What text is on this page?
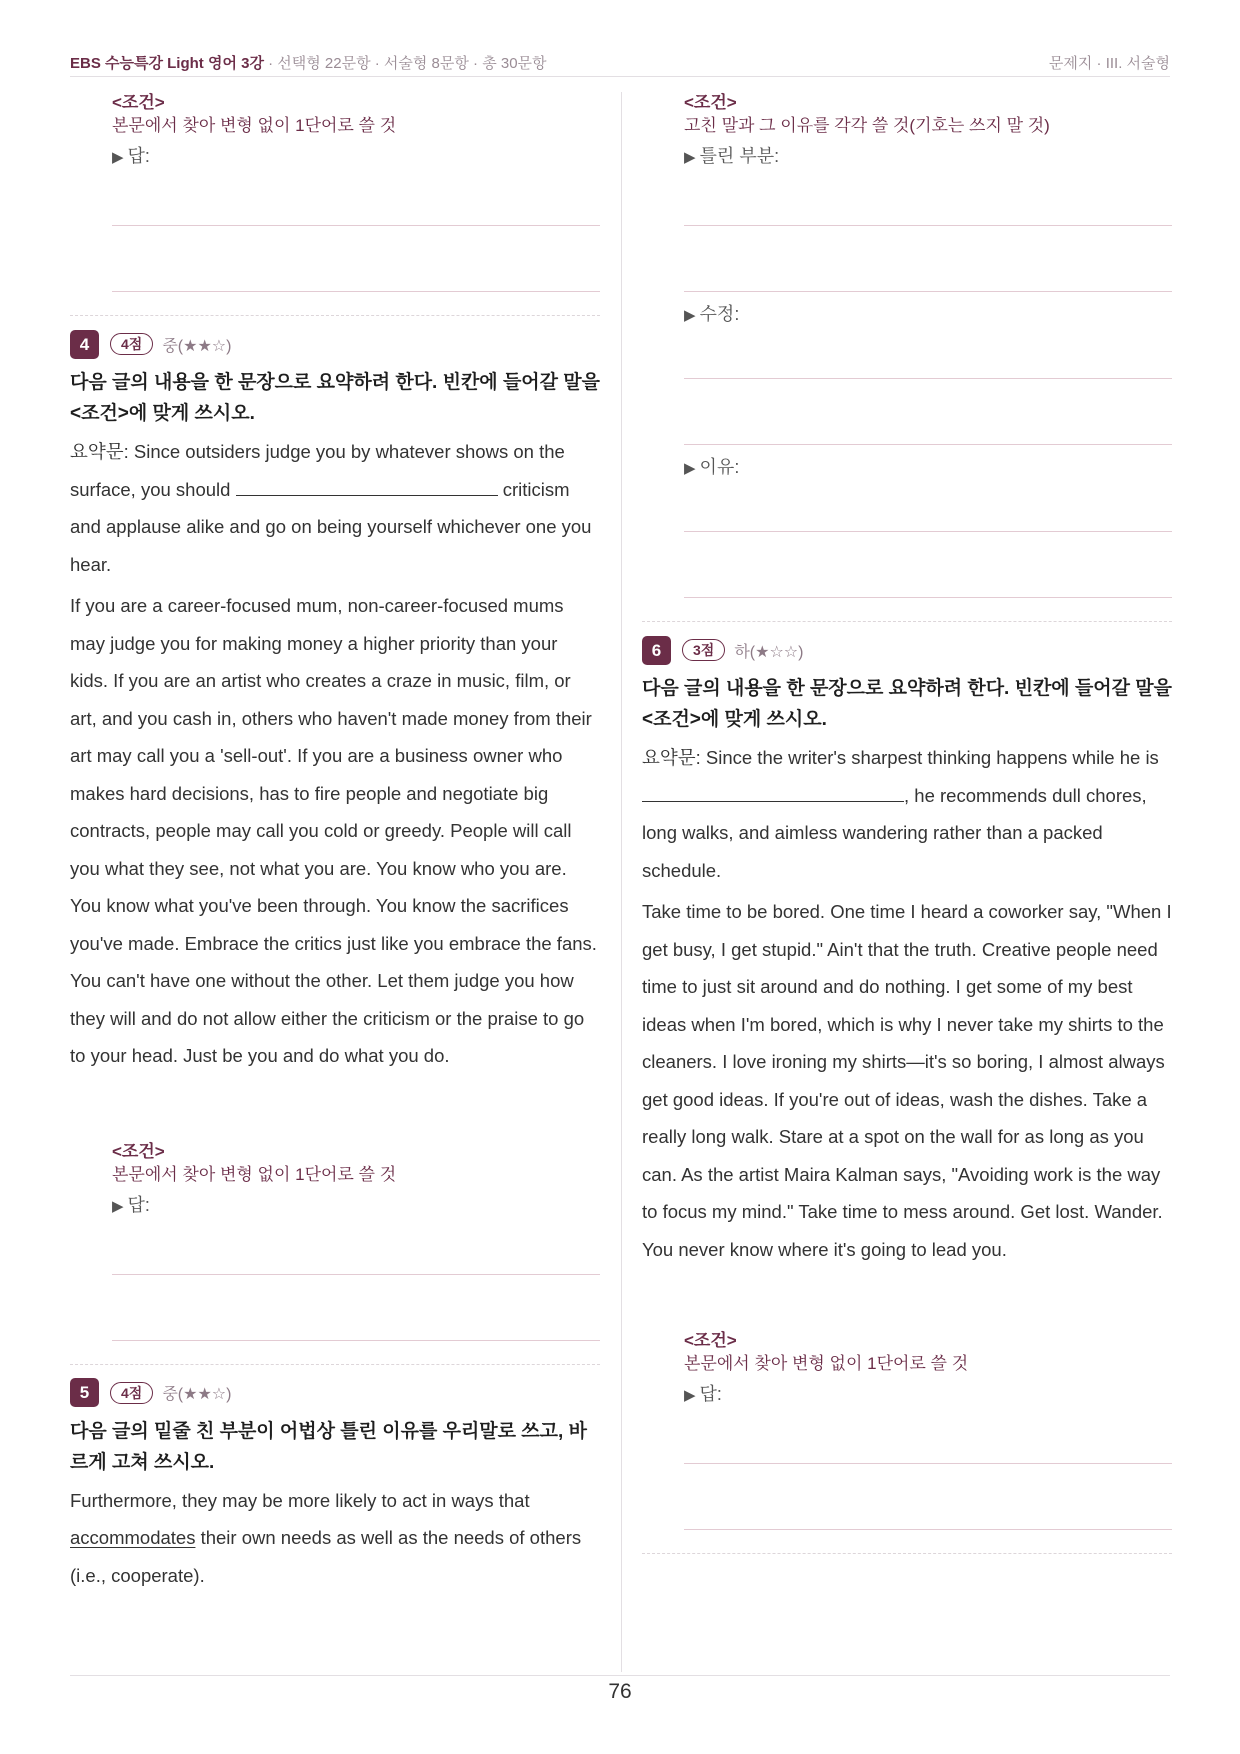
EBS 수능특강 Light 영어 3강 · 선택형 22문항 · 서술형 8문항 · 총 30문항	문제지 · III. 서술형
<조건>
본문에서 찾아 변형 없이 1단어로 쓸 것
▶ 답:
4	4점	중(★★☆)
다음 글의 내용을 한 문장으로 요약하려 한다. 빈칸에 들어갈 말을 <조건>에 맞게 쓰시오.
요약문: Since outsiders judge you by whatever shows on the surface, you should	criticism and applause alike and go on being yourself whichever one you hear.
If you are a career-focused mum, non-career-focused mums may judge you for making money a higher priority than your kids. If you are an artist who creates a craze in music, film, or art, and you cash in, others who haven't made money from their art may call you a 'sell-out'. If you are a business owner who makes hard decisions, has to fire people and negotiate big contracts, people may call you cold or greedy. People will call you what they see, not what you are. You know who you are. You know what you've been through. You know the sacrifices you've made. Embrace the critics just like you embrace the fans. You can't have one without the other. Let them judge you how they will and do not allow either the criticism or the praise to go to your head. Just be you and do what you do.
<조건>
본문에서 찾아 변형 없이 1단어로 쓸 것
▶ 답:
5	4점	중(★★☆)
다음 글의 밑줄 친 부분이 어법상 틀린 이유를 우리말로 쓰고, 바르게 고쳐 쓰시오.
Furthermore, they may be more likely to act in ways that accommodates their own needs as well as the needs of others (i.e., cooperate).
<조건>
고친 말과 그 이유를 각각 쓸 것(기호는 쓰지 말 것)
▶ 틀린 부분:
▶ 수정:
▶ 이유:
6	3점	하(★☆☆)
다음 글의 내용을 한 문장으로 요약하려 한다. 빈칸에 들어갈 말을 <조건>에 맞게 쓰시오.
요약문: Since the writer's sharpest thinking happens while he is , he recommends dull chores, long walks, and aimless wandering rather than a packed schedule.
Take time to be bored. One time I heard a coworker say, "When I get busy, I get stupid." Ain't that the truth. Creative people need time to just sit around and do nothing. I get some of my best ideas when I'm bored, which is why I never take my shirts to the cleaners. I love ironing my shirts—it's so boring, I almost always get good ideas. If you're out of ideas, wash the dishes. Take a really long walk. Stare at a spot on the wall for as long as you can. As the artist Maira Kalman says, "Avoiding work is the way to focus my mind." Take time to mess around. Get lost. Wander. You never know where it's going to lead you.
<조건>
본문에서 찾아 변형 없이 1단어로 쓸 것
▶ 답:
76
